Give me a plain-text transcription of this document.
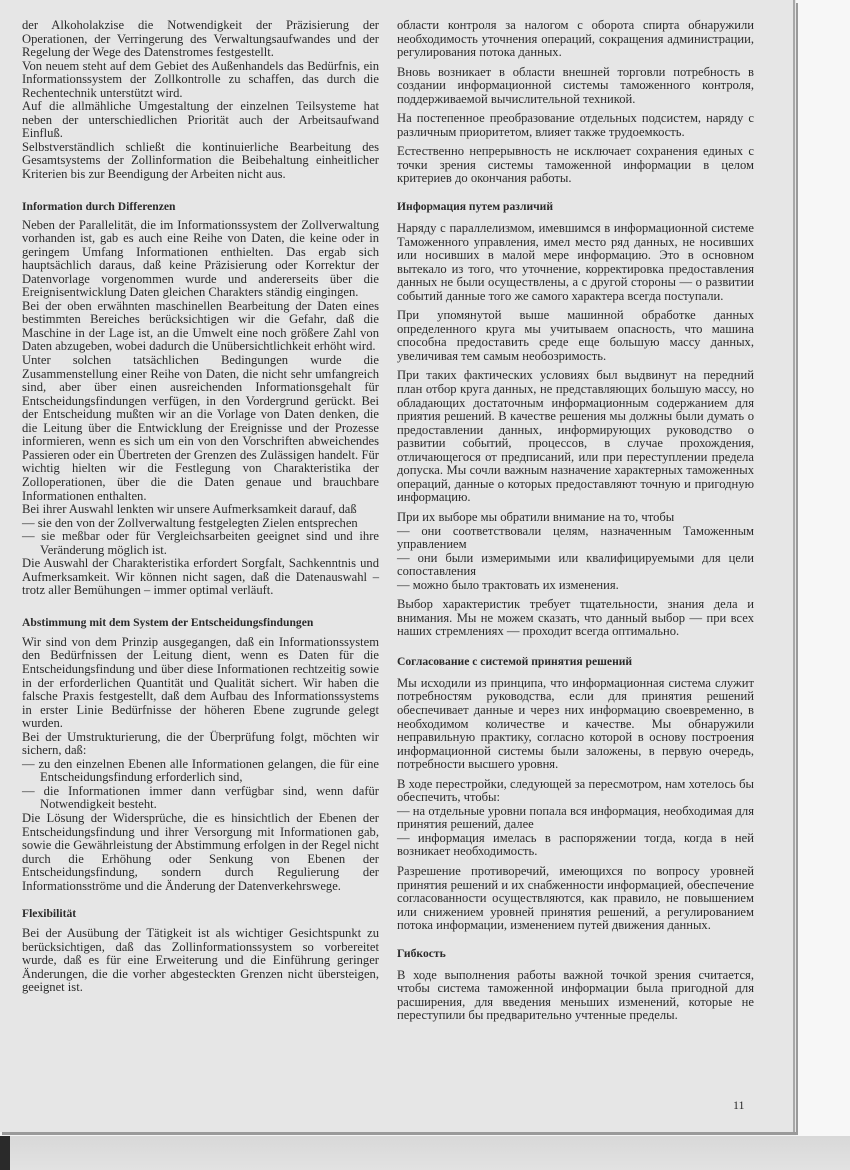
der Alkoholakzise die Notwendigkeit der Präzisierung der Operationen, der Verringerung des Verwaltungsaufwandes und der Regelung der Wege des Datenstromes festgestellt.

Von neuem steht auf dem Gebiet des Außenhandels das Bedürfnis, ein Informationssystem der Zollkontrolle zu schaffen, das durch die Rechentechnik unterstützt wird.

Auf die allmähliche Umgestaltung der einzelnen Teilsysteme hat neben der unterschiedlichen Priorität auch der Arbeitsaufwand Einfluß.

Selbstverständlich schließt die kontinuierliche Bearbeitung des Gesamtsystems der Zollinformation die Beibehaltung einheitlicher Kriterien bis zur Beendigung der Arbeiten nicht aus.

Information durch Differenzen

Neben der Parallelität, die im Informationssystem der Zollverwaltung vorhanden ist, gab es auch eine Reihe von Daten, die keine oder in geringem Umfang Informationen enthielten. Das ergab sich hauptsächlich daraus, daß keine Präzisierung oder Korrektur der Datenvorlage vorgenommen wurde und andererseits über die Ereignisentwicklung Daten gleichen Charakters ständig eingingen.

Bei der oben erwähnten maschinellen Bearbeitung der Daten eines bestimmten Bereiches berücksichtigen wir die Gefahr, daß die Maschine in der Lage ist, an die Umwelt eine noch größere Zahl von Daten abzugeben, wobei dadurch die Unübersichtlichkeit erhöht wird.

Unter solchen tatsächlichen Bedingungen wurde die Zusammenstellung einer Reihe von Daten, die nicht sehr umfangreich sind, aber über einen ausreichenden Informationsgehalt für Entscheidungsfindungen verfügen, in den Vordergrund gerückt. Bei der Entscheidung mußten wir an die Vorlage von Daten denken, die die Leitung über die Entwicklung der Ereignisse und der Prozesse informieren, wenn es sich um ein von den Vorschriften abweichendes Passieren oder ein Übertreten der Grenzen des Zulässigen handelt. Für wichtig hielten wir die Festlegung von Charakteristika der Zolloperationen, über die die Daten genaue und brauchbare Informationen enthalten.

Bei ihrer Auswahl lenkten wir unsere Aufmerksamkeit darauf, daß

— sie den von der Zollverwaltung festgelegten Zielen entsprechen

— sie meßbar oder für Vergleichsarbeiten geeignet sind und ihre Veränderung möglich ist.

Die Auswahl der Charakteristika erfordert Sorgfalt, Sachkenntnis und Aufmerksamkeit. Wir können nicht sagen, daß die Datenauswahl – trotz aller Bemühungen – immer optimal verläuft.

Abstimmung mit dem System der Entscheidungsfindungen

Wir sind von dem Prinzip ausgegangen, daß ein Informationssystem den Bedürfnissen der Leitung dient, wenn es Daten für die Entscheidungsfindung und über diese Informationen rechtzeitig sowie in der erforderlichen Quantität und Qualität sichert. Wir haben die falsche Praxis festgestellt, daß dem Aufbau des Informationssystems in erster Linie Bedürfnisse der höheren Ebene zugrunde gelegt wurden.

Bei der Umstrukturierung, die der Überprüfung folgt, möchten wir sichern, daß:

— zu den einzelnen Ebenen alle Informationen gelangen, die für eine Entscheidungsfindung erforderlich sind,

— die Informationen immer dann verfügbar sind, wenn dafür Notwendigkeit besteht.

Die Lösung der Widersprüche, die es hinsichtlich der Ebenen der Entscheidungsfindung und ihrer Versorgung mit Informationen gab, sowie die Gewährleistung der Abstimmung erfolgen in der Regel nicht durch die Erhöhung oder Senkung von Ebenen der Entscheidungsfindung, sondern durch Regulierung der Informationsströme und die Änderung der Datenverkehrswege.

Flexibilität

Bei der Ausübung der Tätigkeit ist als wichtiger Gesichtspunkt zu berücksichtigen, daß das Zollinformationssystem so vorbereitet wurde, daß es für eine Erweiterung und die Einführung geringer Änderungen, die die vorher abgesteckten Grenzen nicht übersteigen, geeignet ist.

области контроля за налогом с оборота спирта обнаружили необходимость уточнения операций, сокращения администрации, регулирования потока данных.

Вновь возникает в области внешней торговли потребность в создании информационной системы таможенного контроля, поддерживаемой вычислительной техникой.

На постепенное преобразование отдельных подсистем, наряду с различным приоритетом, влияет также трудоемкость.

Естественно непрерывность не исключает сохранения единых с точки зрения системы таможенной информации в целом критериев до окончания работы.

Информация путем различий

Наряду с параллелизмом, имевшимся в информационной системе Таможенного управления, имел место ряд данных, не носивших или носивших в малой мере информацию. Это в основном вытекало из того, что уточнение, корректировка предоставления данных не были осуществлены, а с другой стороны — о развитии событий данные того же самого характера всегда поступали.

При упомянутой выше машинной обработке данных определенного круга мы учитываем опасность, что машина способна предоставить среде еще большую массу данных, увеличивая тем самым необозримость.

При таких фактических условиях был выдвинут на передний план отбор круга данных, не представляющих большую массу, но обладающих достаточным информационным содержанием для приятия решений. В качестве решения мы должны были думать о предоставлении данных, информирующих руководство о развитии событий, процессов, в случае прохождения, отличающегося от предписаний, или при переступлении предела допуска. Мы сочли важным назначение характерных таможенных операций, данные о которых предоставляют точную и пригодную информацию.

При их выборе мы обратили внимание на то, чтобы

— они соответствовали целям, назначенным Таможенным управлением

— они были измеримыми или квалифицируемыми для цели сопоставления

— можно было трактовать их изменения.

Выбор характеристик требует тщательности, знания дела и внимания. Мы не можем сказать, что данный выбор — при всех наших стремлениях — проходит всегда оптимально.

Согласование с системой принятия решений

Мы исходили из принципа, что информационная система служит потребностям руководства, если для принятия решений обеспечивает данные и через них информацию своевременно, в необходимом количестве и качестве. Мы обнаружили неправильную практику, согласно которой в основу построения информационной системы были заложены, в первую очередь, потребности высшего уровня.

В ходе перестройки, следующей за пересмотром, нам хотелось бы обеспечить, чтобы:

— на отдельные уровни попала вся информация, необходимая для принятия решений, далее

— информация имелась в распоряжении тогда, когда в ней возникает необходимость.

Разрешение противоречий, имеющихся по вопросу уровней принятия решений и их снабженности информацией, обеспечение согласованности осуществляются, как правило, не повышением или снижением уровней принятия решений, а регулированием потока информации, изменением путей движения данных.

Гибкость

В ходе выполнения работы важной точкой зрения считается, чтобы система таможенной информации была пригодной для расширения, для введения меньших изменений, которые не переступили бы предварительно учтенные пределы.

11
